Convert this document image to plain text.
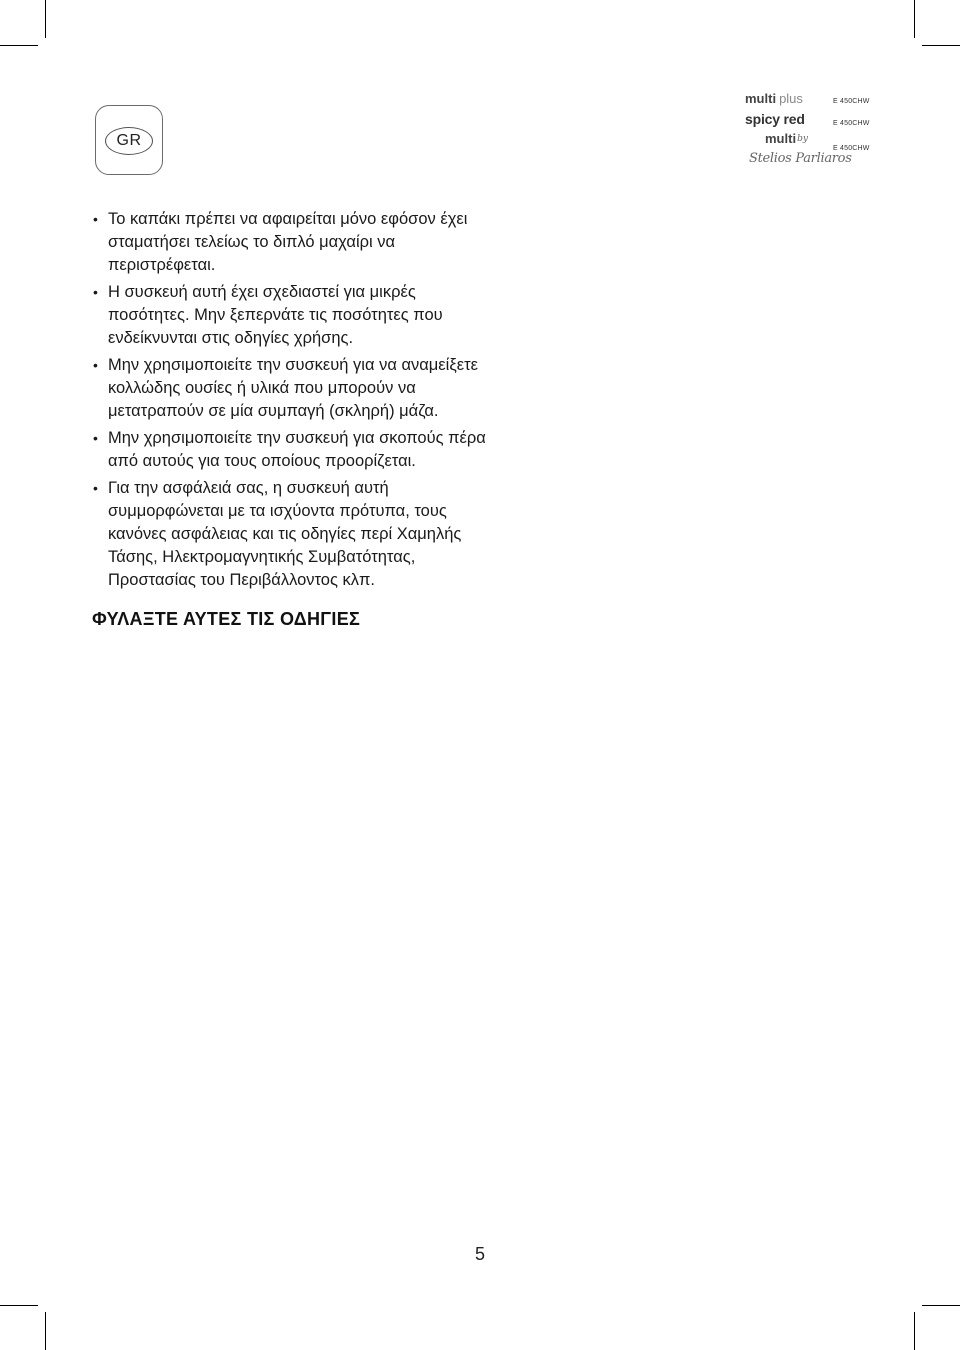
GR
multi plus	E 450CHW
spicy red	E 450CHW
multi by
Stelios Parliaros
E 450CHW
• Το καπάκι πρέπει να αφαιρείται μόνο εφόσον έχει σταματήσει τελείως το διπλό μαχαίρι να περιστρέφεται.
• Η συσκευή αυτή έχει σχεδιαστεί για μικρές ποσότητες. Μην ξεπερνάτε τις ποσότητες που ενδείκνυνται στις οδηγίες χρήσης.
• Μην χρησιμοποιείτε την συσκευή για να αναμείξετε κολλώδης ουσίες ή υλικά που μπορούν να μετατραπούν σε μία συμπαγή (σκληρή) μάζα.
• Μην χρησιμοποιείτε την συσκευή για σκοπούς πέρα από αυτούς για τους οποίους προορίζεται.
• Για την ασφάλειά σας, η συσκευή αυτή συμμορφώνεται με τα ισχύοντα πρότυπα, τους κανόνες ασφάλειας και τις οδηγίες περί Χαμηλής Τάσης, Ηλεκτρομαγνητικής Συμβατότητας, Προστασίας του Περιβάλλοντος κλπ.
ΦΥΛΑΞΤΕ ΑΥΤΕΣ ΤΙΣ ΟΔΗΓΙΕΣ
5
